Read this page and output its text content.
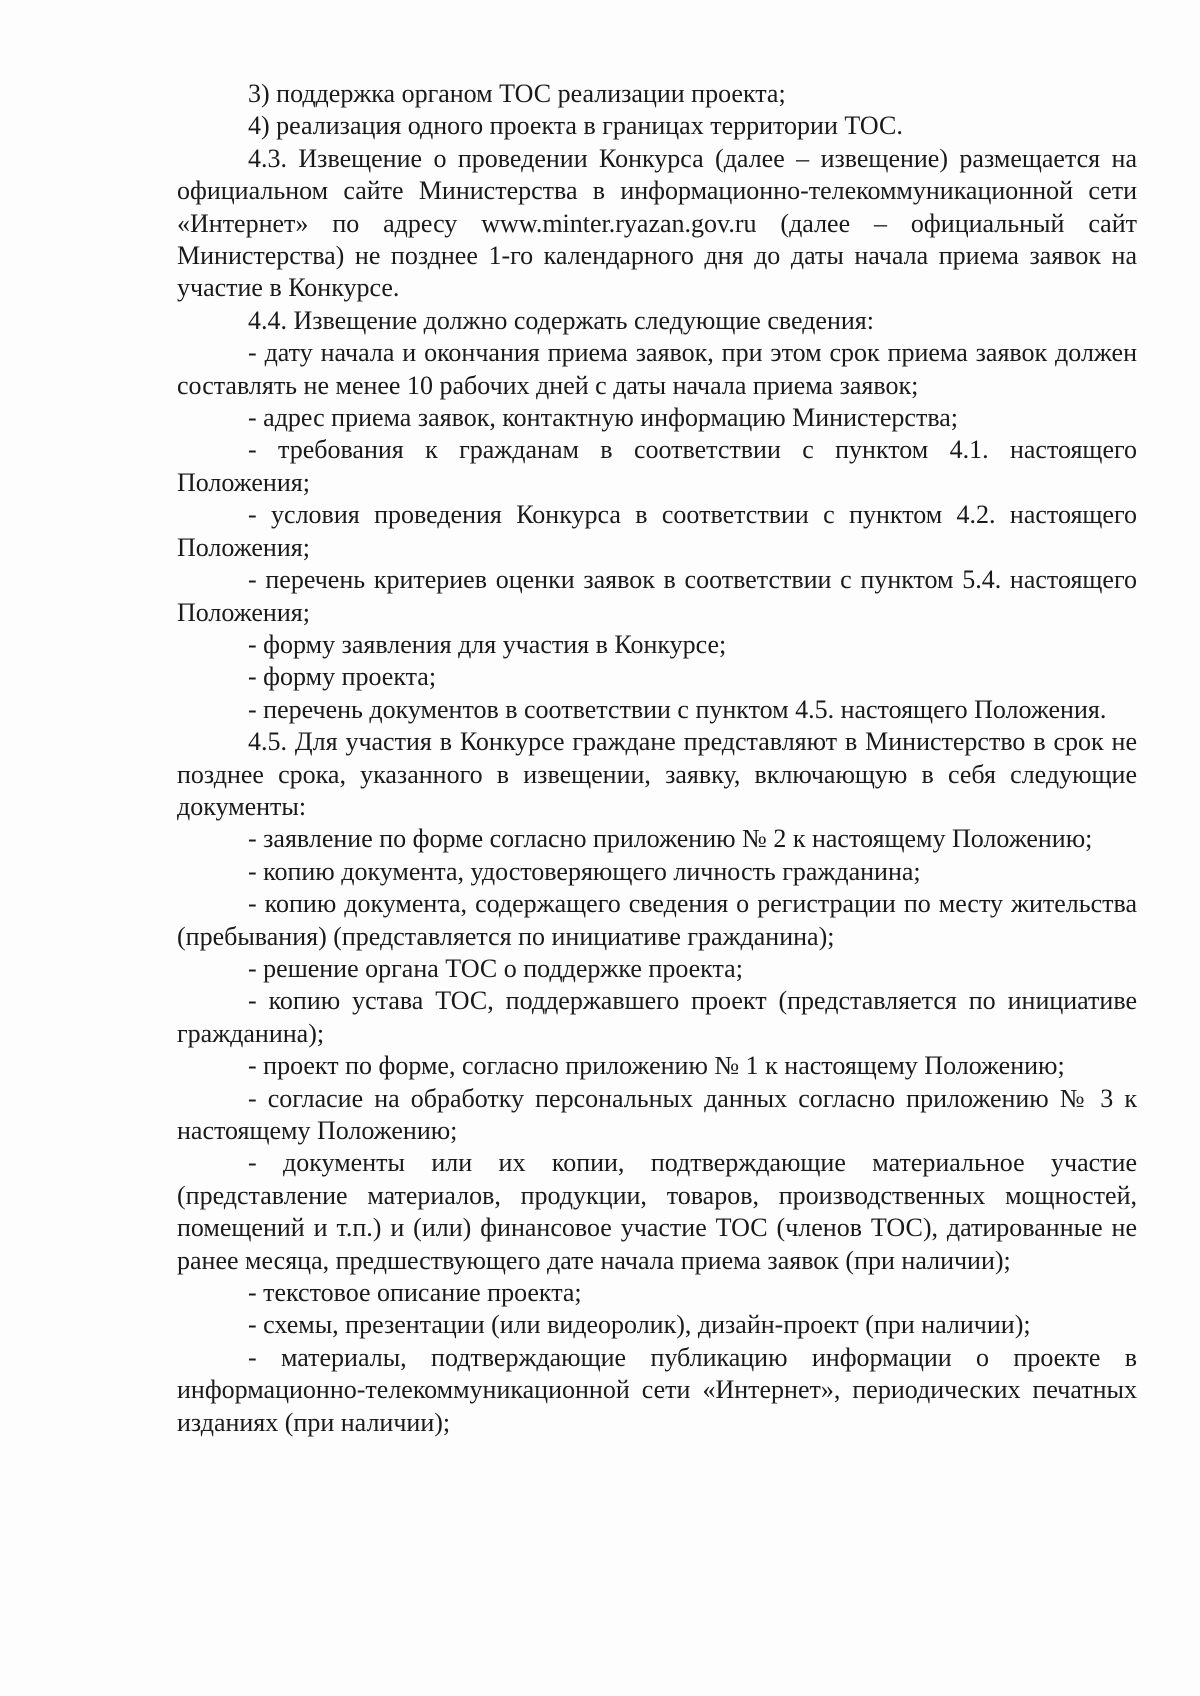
3) поддержка органом ТОС реализации проекта;

4) реализация одного проекта в границах территории ТОС.

4.3. Извещение о проведении Конкурса (далее – извещение) размещается на официальном сайте Министерства в информационно-телекоммуникационной сети «Интернет» по адресу www.minter.ryazan.gov.ru (далее – официальный сайт Министерства) не позднее 1-го календарного дня до даты начала приема заявок на участие в Конкурсе.

4.4. Извещение должно содержать следующие сведения:

- дату начала и окончания приема заявок, при этом срок приема заявок должен составлять не менее 10 рабочих дней с даты начала приема заявок;

- адрес приема заявок, контактную информацию Министерства;

- требования к гражданам в соответствии с пунктом 4.1. настоящего Положения;

- условия проведения Конкурса в соответствии с пунктом 4.2. настоящего Положения;

- перечень критериев оценки заявок в соответствии с пунктом 5.4. настоящего Положения;

- форму заявления для участия в Конкурсе;

- форму проекта;

- перечень документов в соответствии с пунктом 4.5. настоящего Положения.

4.5. Для участия в Конкурсе граждане представляют в Министерство в срок не позднее срока, указанного в извещении, заявку, включающую в себя следующие документы:

- заявление по форме согласно приложению № 2 к настоящему Положению;

- копию документа, удостоверяющего личность гражданина;

- копию документа, содержащего сведения о регистрации по месту жительства (пребывания) (представляется по инициативе гражданина);

- решение органа ТОС о поддержке проекта;

- копию устава ТОС, поддержавшего проект (представляется по инициативе гражданина);

- проект по форме, согласно приложению № 1 к настоящему Положению;

- согласие на обработку персональных данных согласно приложению № 3 к настоящему Положению;

- документы или их копии, подтверждающие материальное участие (представление материалов, продукции, товаров, производственных мощностей, помещений и т.п.) и (или) финансовое участие ТОС (членов ТОС), датированные не ранее месяца, предшествующего дате начала приема заявок (при наличии);

- текстовое описание проекта;

- схемы, презентации (или видеоролик), дизайн-проект (при наличии);

- материалы, подтверждающие публикацию информации о проекте в информационно-телекоммуникационной сети «Интернет», периодических печатных изданиях (при наличии);
